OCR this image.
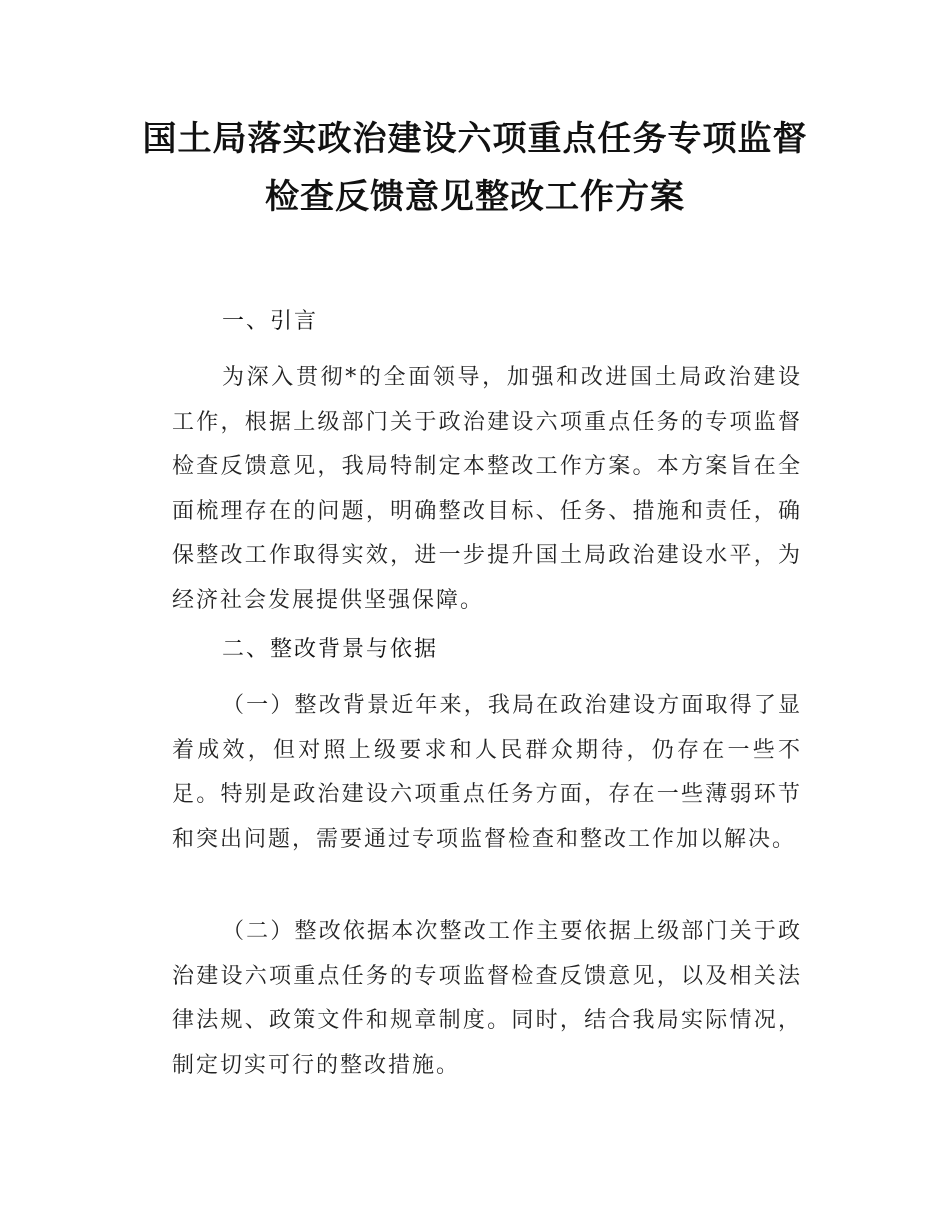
国土局落实政治建设六项重点任务专项监督
检查反馈意见整改工作方案
一、引言

为深入贯彻*的全面领导，加强和改进国土局政治建设工作，根据上级部门关于政治建设六项重点任务的专项监督检查反馈意见，我局特制定本整改工作方案。本方案旨在全面梳理存在的问题，明确整改目标、任务、措施和责任，确保整改工作取得实效，进一步提升国土局政治建设水平，为经济社会发展提供坚强保障。

二、整改背景与依据

（一）整改背景近年来，我局在政治建设方面取得了显着成效，但对照上级要求和人民群众期待，仍存在一些不足。特别是政治建设六项重点任务方面，存在一些薄弱环节和突出问题，需要通过专项监督检查和整改工作加以解决。

（二）整改依据本次整改工作主要依据上级部门关于政治建设六项重点任务的专项监督检查反馈意见，以及相关法律法规、政策文件和规章制度。同时，结合我局实际情况，制定切实可行的整改措施。
